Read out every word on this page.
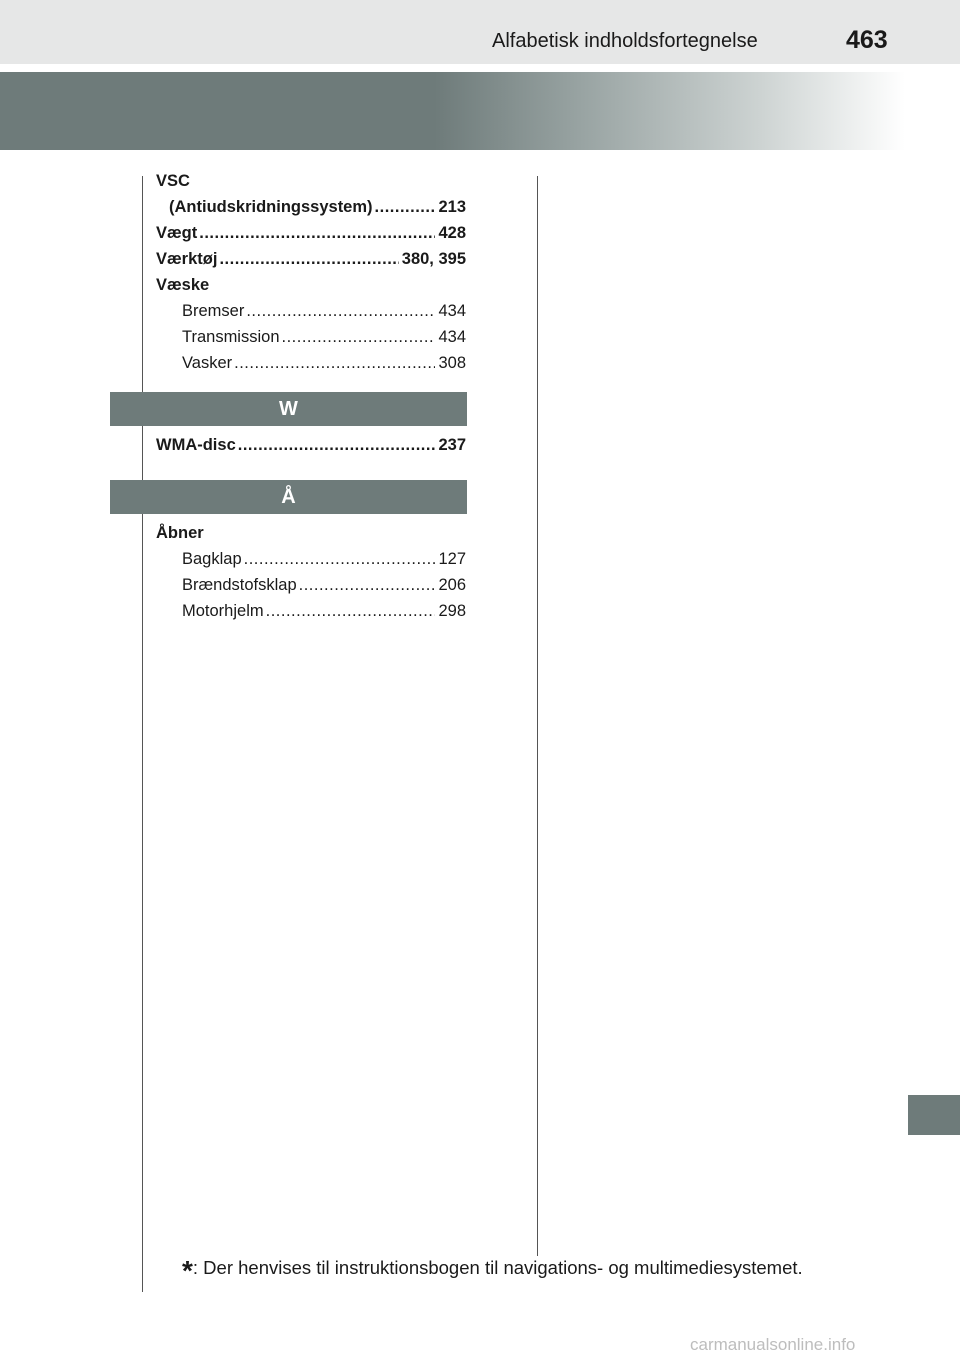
Alfabetisk indholdsfortegnelse	463
VSC
(Antiudskridningssystem) .....	213
Vægt .....	428
Værktøj .....	380, 395
Væske
Bremser .....	434
Transmission .....	434
Vasker .....	308
W
WMA-disc .....	237
Å
Åbner
Bagklap .....	127
Brændstofsklap .....	206
Motorhjelm .....	298
*: Der henvises til instruktionsbogen til navigations- og multimediesystemet.
carmanualsonline.info
